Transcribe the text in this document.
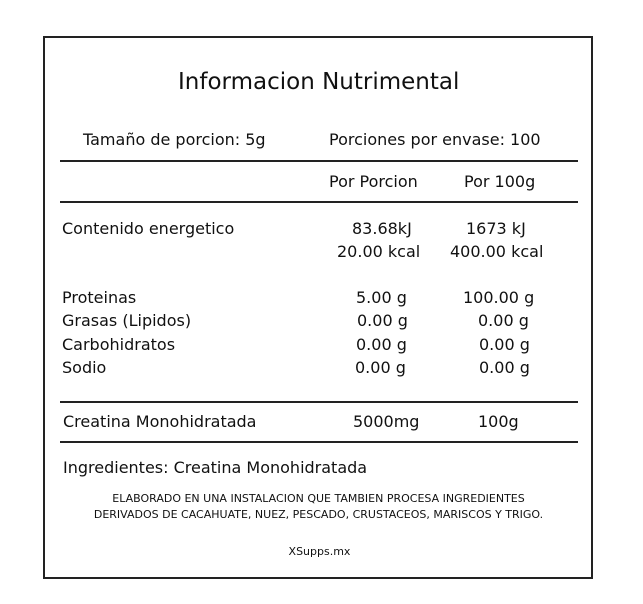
Informacion Nutrimental
Tamaño de porcion: 5g	Porciones por envase: 100
Por Porcion	Por 100g
Contenido energetico	83.68kJ	1673 kJ
20.00 kcal 400.00 kcal
Proteinas	5.00 g	100.00 g
Grasas (Lipidos)	0.00 g	0.00 g
Carbohidratos	0.00 g	0.00 g
Sodio	0.00 g	0.00 g
Creatina Monohidratada	5000mg	100g
Ingredientes: Creatina Monohidratada
ELABORADO EN UNA INSTALACION QUE TAMBIEN PROCESA INGREDIENTES
DERIVADOS DE CACAHUATE, NUEZ, PESCADO, CRUSTACEOS, MARISCOS Y TRIGO.
XSupps.mx
